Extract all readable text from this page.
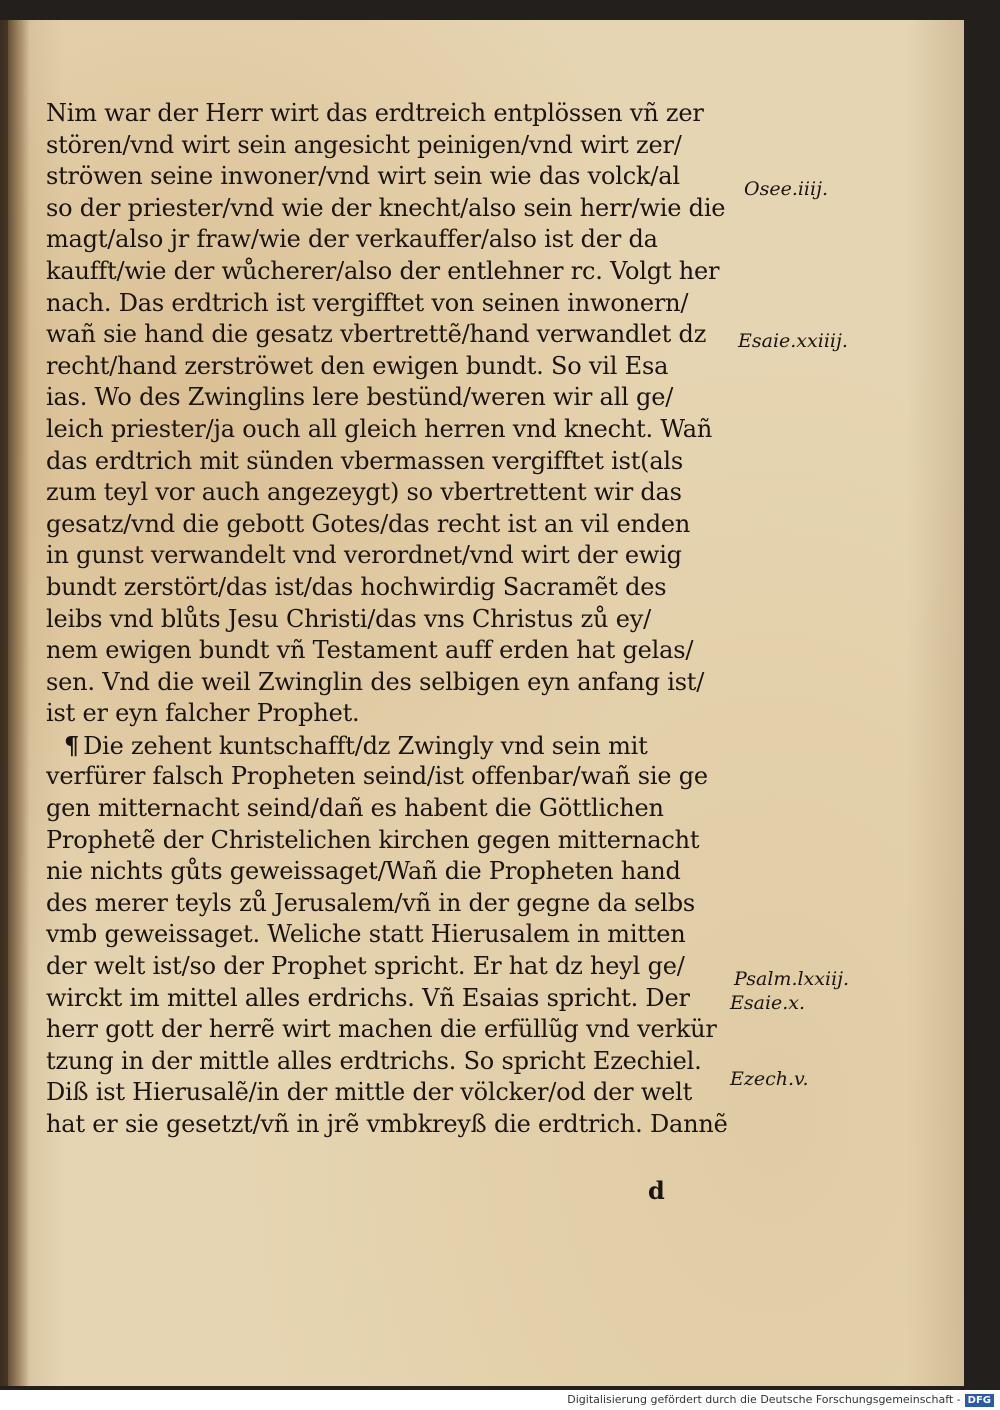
Nim war der Herr wirt das erdtreich entplössen vñ zer
stören/vnd wirt sein angesicht peinigen/vnd wirt zer/
ströwen seine inwoner/vnd wirt sein wie das volck/al
so der priester/vnd wie der knecht/also sein herr/wie die
magt/also jr fraw/wie der verkauffer/also ist der da
kaufft/wie der wůcherer/also der entlehner rc. Volgt her
nach. Das erdtrich ist vergifftet von seinen inwonern/
wañ sie hand die gesatz vbertrettẽ/hand verwandlet dz
recht/hand zerströwet den ewigen bundt. So vil Esa
ias. Wo des Zwinglins lere bestünd/weren wir all ge/
leich priester/ja ouch all gleich herren vnd knecht. Wañ
das erdtrich mit sünden vbermassen vergifftet ist(als
zum teyl vor auch angezeygt) so vbertrettent wir das
gesatz/vnd die gebott Gotes/das recht ist an vil enden
in gunst verwandelt vnd verordnet/vnd wirt der ewig
bundt zerstört/das ist/das hochwirdig Sacramẽt des
leibs vnd blůts Jesu Christi/das vns Christus zů ey/
nem ewigen bundt vñ Testament auff erden hat gelas/
sen. Vnd die weil Zwinglin des selbigen eyn anfang ist/
ist er eyn falcher Prophet.
¶ Die zehent kuntschafft/dz Zwingly vnd sein mit
verfürer falsch Propheten seind/ist offenbar/wañ sie ge
gen mitternacht seind/dañ es habent die Göttlichen
Prophetẽ der Christelichen kirchen gegen mitternacht
nie nichts gůts geweissaget/Wañ die Propheten hand
des merer teyls zů Jerusalem/vñ in der gegne da selbs
vmb geweissaget. Weliche statt Hierusalem in mitten
der welt ist/so der Prophet spricht. Er hat dz heyl ge/
wirckt im mittel alles erdrichs. Vñ Esaias spricht. Der
herr gott der herrẽ wirt machen die erfüllũg vnd verkür
tzung in der mittle alles erdtrichs. So spricht Ezechiel.
Diß ist Hierusalẽ/in der mittle der völcker/od der welt
hat er sie gesetzt/vñ in jrẽ vmbkreyß die erdtrich. Dannẽ
d
Osee.iiij.
Esaie.xxiiij.
Psalm.lxxiij.
Esaie.x.
Ezech.v.
Digitalisierung gefördert durch die Deutsche Forschungsgemeinschaft - DFG
